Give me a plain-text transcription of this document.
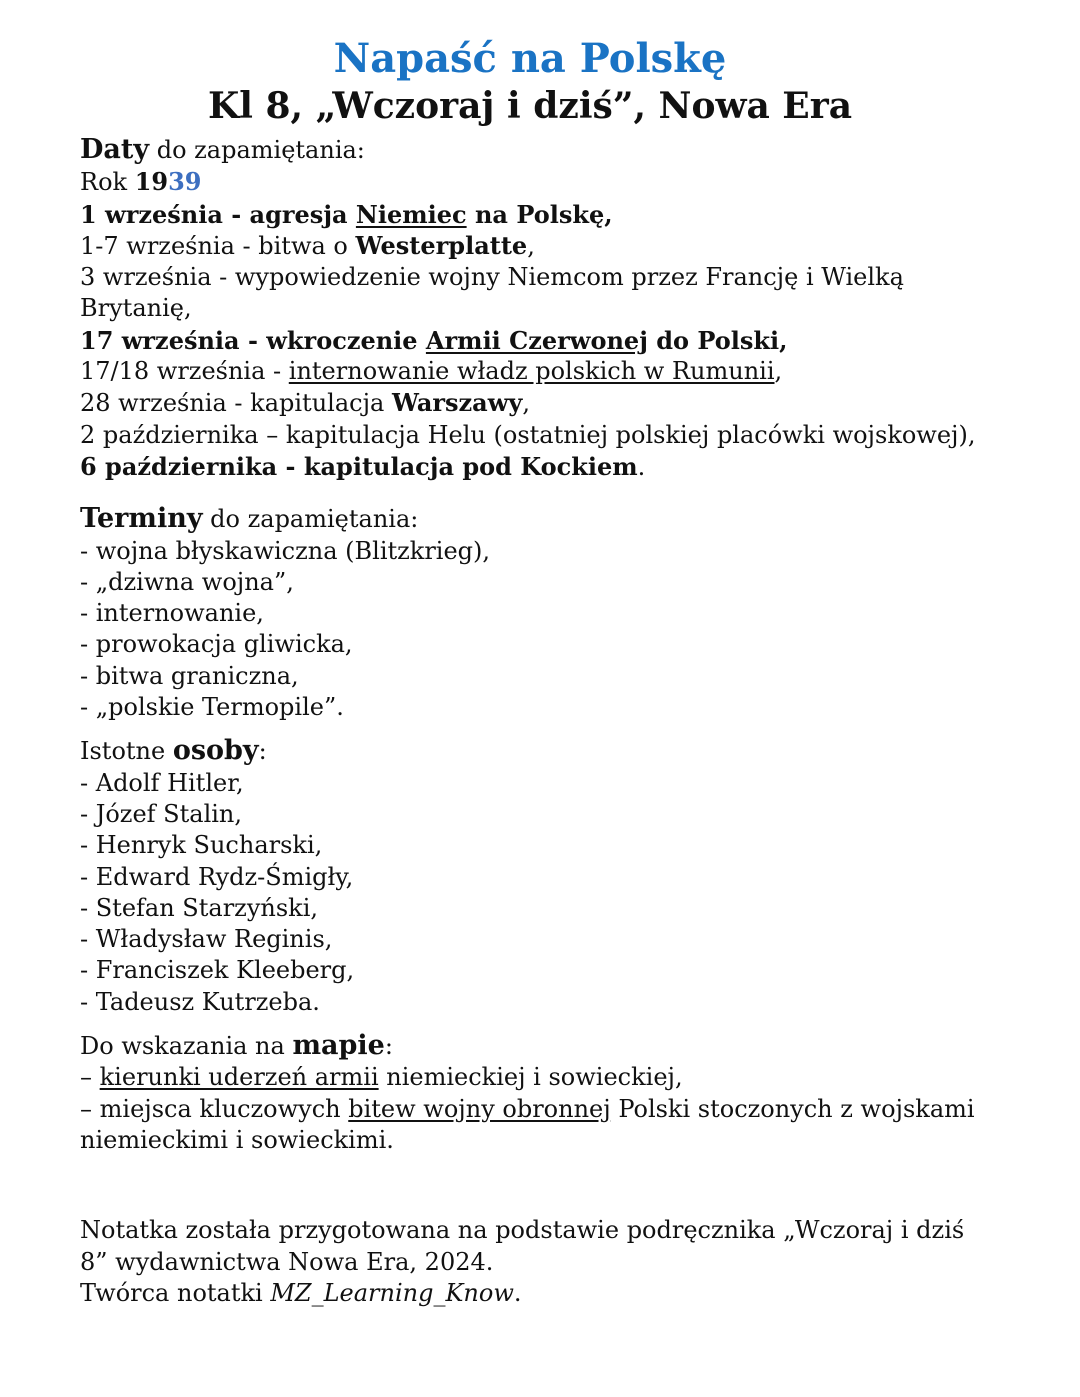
Napaść na Polskę
Kl 8, „Wczoraj i dziś”, Nowa Era
Daty do zapamiętania:
Rok 1939
1 września - agresja Niemiec na Polskę,
1-7 września - bitwa o Westerplatte,
3 września - wypowiedzenie wojny Niemcom przez Francję i Wielką Brytanię,
17 września - wkroczenie Armii Czerwonej do Polski,
17/18 września - internowanie władz polskich w Rumunii,
28 września - kapitulacja Warszawy,
2 października – kapitulacja Helu (ostatniej polskiej placówki wojskowej),
6 października - kapitulacja pod Kockiem.
Terminy do zapamiętania:
- wojna błyskawiczna (Blitzkrieg),
- „dziwna wojna”,
- internowanie,
- prowokacja gliwicka,
- bitwa graniczna,
- „polskie Termopile”.
Istotne osoby:
- Adolf Hitler,
- Józef Stalin,
- Henryk Sucharski,
- Edward Rydz-Śmigły,
- Stefan Starzyński,
- Władysław Reginis,
- Franciszek Kleeberg,
- Tadeusz Kutrzeba.
Do wskazania na mapie:
– kierunki uderzeń armii niemieckiej i sowieckiej,
– miejsca kluczowych bitew wojny obronnej Polski stoczonych z wojskami niemieckimi i sowieckimi.
Notatka została przygotowana na podstawie podręcznika „Wczoraj i dziś 8” wydawnictwa Nowa Era, 2024.
Twórca notatki MZ_Learning_Know.
